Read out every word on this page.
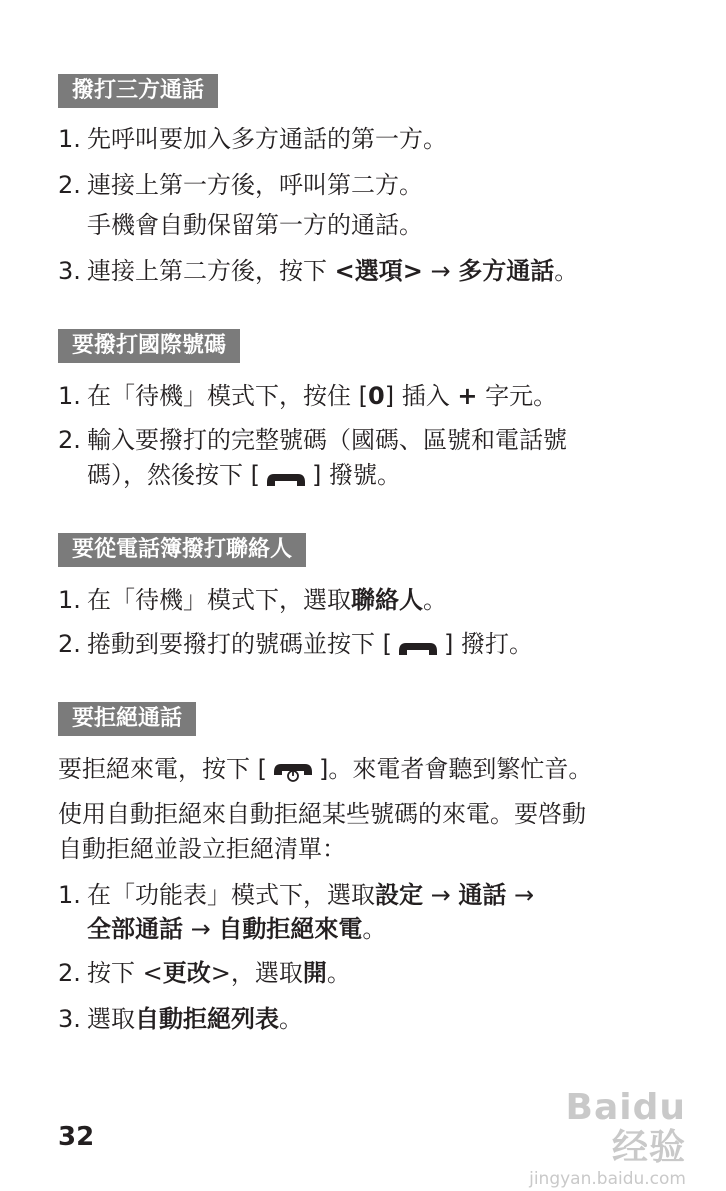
撥打三方通話
1. 先呼叫要加入多方通話的第一方。
2. 連接上第一方後，呼叫第二方。
手機會自動保留第一方的通話。
3. 連接上第二方後，按下 <選項> → 多方通話。
要撥打國際號碼
1. 在「待機」模式下，按住 [0] 插入 + 字元。
2. 輸入要撥打的完整號碼（國碼、區號和電話號
碼），然後按下 [ ] 撥號。
要從電話簿撥打聯絡人
1. 在「待機」模式下，選取聯絡人。
2. 捲動到要撥打的號碼並按下 [ ] 撥打。
要拒絕通話
要拒絕來電，按下 [ ]。來電者會聽到繁忙音。
使用自動拒絕來自動拒絕某些號碼的來電。要啓動
自動拒絕並設立拒絕清單：
1. 在「功能表」模式下，選取設定 → 通話 →
全部通話 → 自動拒絕來電。
2. 按下 <更改>，選取開。
3. 選取自動拒絕列表。
32
Baidu 经验
jingyan.baidu.com
